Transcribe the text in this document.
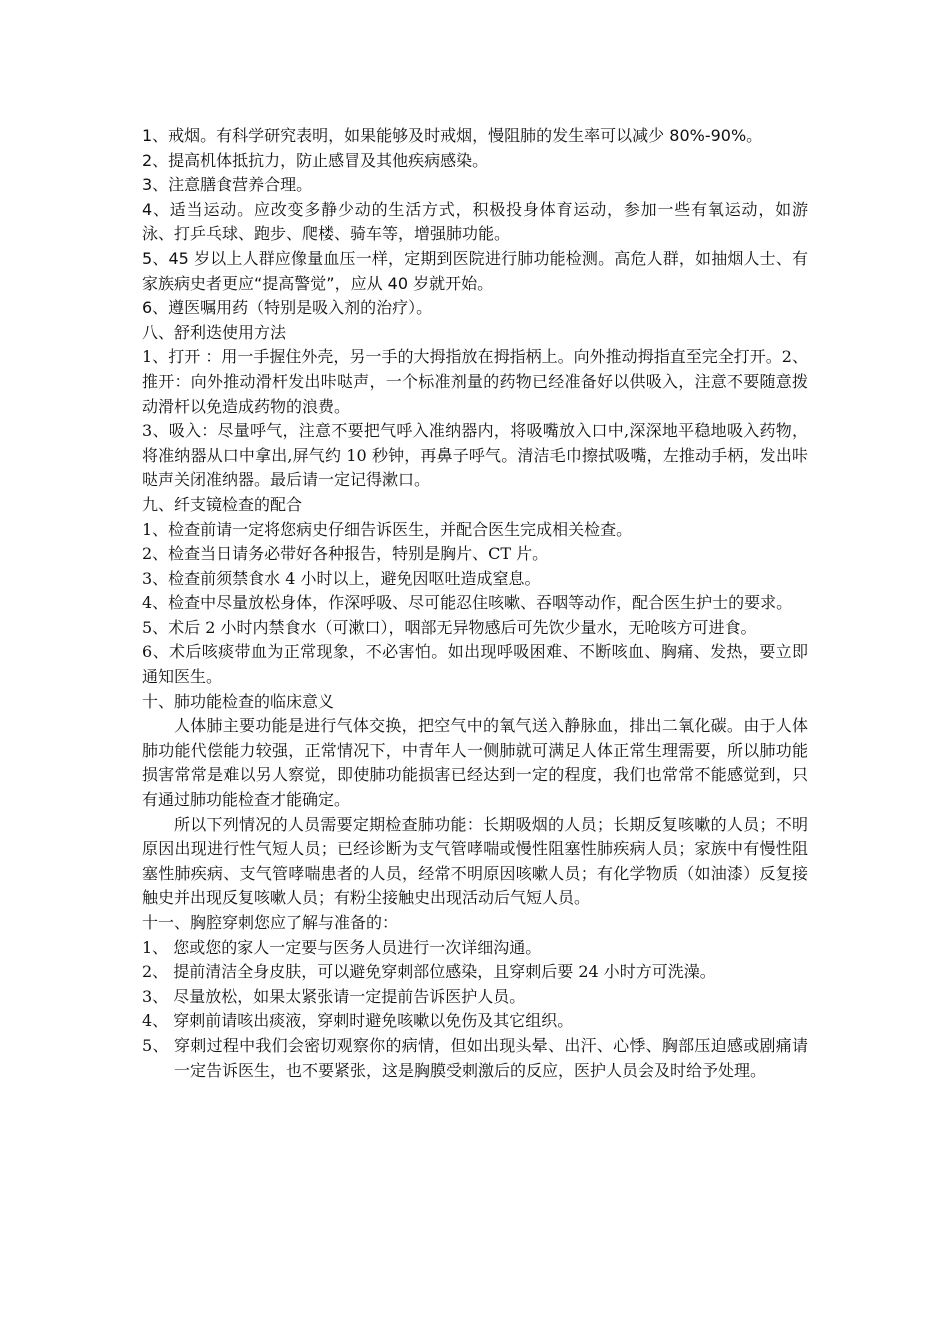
1、戒烟。有科学研究表明，如果能够及时戒烟，慢阻肺的发生率可以减少 80%-90%。

2、提高机体抵抗力，防止感冒及其他疾病感染。

3、注意膳食营养合理。

4、适当运动。应改变多静少动的生活方式，积极投身体育运动，参加一些有氧运动，如游泳、打乒乓球、跑步、爬楼、骑车等，增强肺功能。

5、45 岁以上人群应像量血压一样，定期到医院进行肺功能检测。高危人群，如抽烟人士、有家族病史者更应“提高警觉”，应从 40 岁就开始。

6、遵医嘱用药（特别是吸入剂的治疗）。

八、舒利迭使用方法

1、打开 ：用一手握住外壳，另一手的大拇指放在拇指柄上。向外推动拇指直至完全打开。2、推开：向外推动滑杆发出咔哒声，一个标准剂量的药物已经准备好以供吸入，注意不要随意拨动滑杆以免造成药物的浪费。

3、吸入：尽量呼气，注意不要把气呼入准纳器内，将吸嘴放入口中,深深地平稳地吸入药物，将准纳器从口中拿出,屏气约 10 秒钟，再鼻子呼气。清洁毛巾擦拭吸嘴，左推动手柄，发出咔哒声关闭准纳器。最后请一定记得漱口。

九、纤支镜检查的配合

1、检查前请一定将您病史仔细告诉医生，并配合医生完成相关检查。

2、检查当日请务必带好各种报告，特别是胸片、CT 片。

3、检查前须禁食水 4 小时以上，避免因呕吐造成窒息。

4、检查中尽量放松身体，作深呼吸、尽可能忍住咳嗽、吞咽等动作，配合医生护士的要求。

5、术后 2 小时内禁食水（可漱口），咽部无异物感后可先饮少量水，无呛咳方可进食。

6、术后咳痰带血为正常现象，不必害怕。如出现呼吸困难、不断咳血、胸痛、发热，要立即通知医生。

十、肺功能检查的临床意义

人体肺主要功能是进行气体交换，把空气中的氧气送入静脉血，排出二氧化碳。由于人体肺功能代偿能力较强，正常情况下，中青年人一侧肺就可满足人体正常生理需要，所以肺功能损害常常是难以另人察觉，即使肺功能损害已经达到一定的程度，我们也常常不能感觉到，只有通过肺功能检查才能确定。

所以下列情况的人员需要定期检查肺功能：长期吸烟的人员；长期反复咳嗽的人员；不明原因出现进行性气短人员；已经诊断为支气管哮喘或慢性阻塞性肺疾病人员；家族中有慢性阻塞性肺疾病、支气管哮喘患者的人员，经常不明原因咳嗽人员；有化学物质（如油漆）反复接触史并出现反复咳嗽人员；有粉尘接触史出现活动后气短人员。

十一、胸腔穿刺您应了解与准备的：

1、 您或您的家人一定要与医务人员进行一次详细沟通。

2、 提前清洁全身皮肤，可以避免穿刺部位感染，且穿刺后要 24 小时方可洗澡。

3、 尽量放松，如果太紧张请一定提前告诉医护人员。

4、 穿刺前请咳出痰液，穿刺时避免咳嗽以免伤及其它组织。

5、 穿刺过程中我们会密切观察你的病情，但如出现头晕、出汗、心悸、胸部压迫感或剧痛请一定告诉医生，也不要紧张，这是胸膜受刺激后的反应，医护人员会及时给予处理。
